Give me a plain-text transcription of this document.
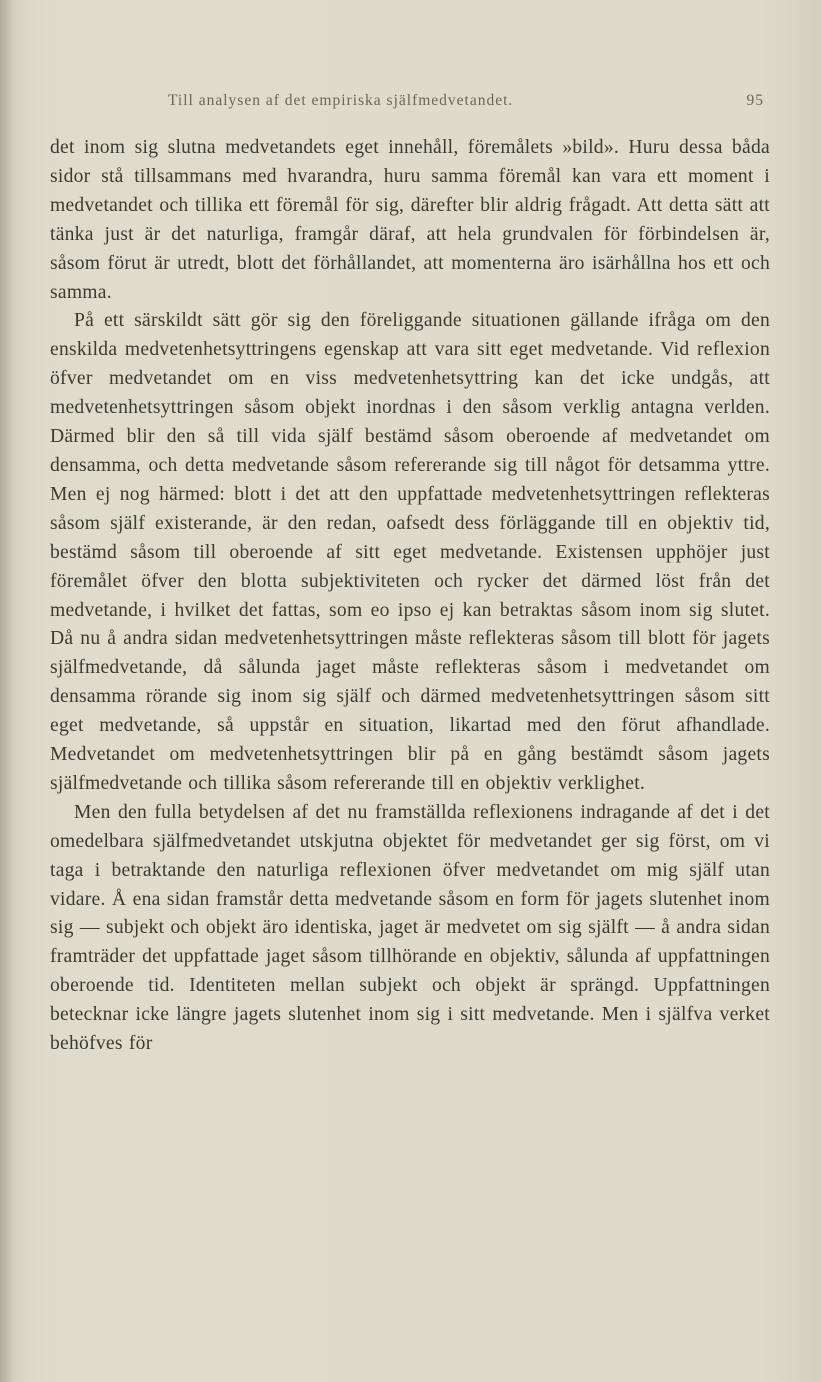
Till analysen af det empiriska själfmedvetandet.	95

det inom sig slutna medvetandets eget innehåll, föremålets »bild». Huru dessa båda sidor stå tillsammans med hvarandra, huru samma föremål kan vara ett moment i medvetandet och tillika ett föremål för sig, därefter blir aldrig frågadt. Att detta sätt att tänka just är det naturliga, framgår däraf, att hela grundvalen för förbindelsen är, såsom förut är utredt, blott det förhållandet, att momenterna äro isärhållna hos ett och samma.

På ett särskildt sätt gör sig den föreliggande situationen gällande ifråga om den enskilda medvetenhetsyttringens egenskap att vara sitt eget medvetande. Vid reflexion öfver medvetandet om en viss medvetenhetsyttring kan det icke undgås, att medvetenhetsyttringen såsom objekt inordnas i den såsom verklig antagna verlden. Därmed blir den så till vida själf bestämd såsom oberoende af medvetandet om densamma, och detta medvetande såsom refererande sig till något för detsamma yttre. Men ej nog härmed: blott i det att den uppfattade medvetenhetsyttringen reflekteras såsom själf existerande, är den redan, oafsedt dess förläggande till en objektiv tid, bestämd såsom till oberoende af sitt eget medvetande. Existensen upphöjer just föremålet öfver den blotta subjektiviteten och rycker det därmed löst från det medvetande, i hvilket det fattas, som eo ipso ej kan betraktas såsom inom sig slutet. Då nu å andra sidan medvetenhetsyttringen måste reflekteras såsom till blott för jagets själfmedvetande, då sålunda jaget måste reflekteras såsom i medvetandet om densamma rörande sig inom sig själf och därmed medvetenhetsyttringen såsom sitt eget medvetande, så uppstår en situation, likartad med den förut afhandlade. Medvetandet om medvetenhetsyttringen blir på en gång bestämdt såsom jagets själfmedvetande och tillika såsom refererande till en objektiv verklighet.

Men den fulla betydelsen af det nu framställda reflexionens indragande af det i det omedelbara själfmedvetandet utskjutna objektet för medvetandet ger sig först, om vi taga i betraktande den naturliga reflexionen öfver medvetandet om mig själf utan vidare. Å ena sidan framstår detta medvetande såsom en form för jagets slutenhet inom sig — subjekt och objekt äro identiska, jaget är medvetet om sig själft — å andra sidan framträder det uppfattade jaget såsom tillhörande en objektiv, sålunda af uppfattningen oberoende tid. Identiteten mellan subjekt och objekt är sprängd. Uppfattningen betecknar icke längre jagets slutenhet inom sig i sitt medvetande. Men i själfva verket behöfves för
